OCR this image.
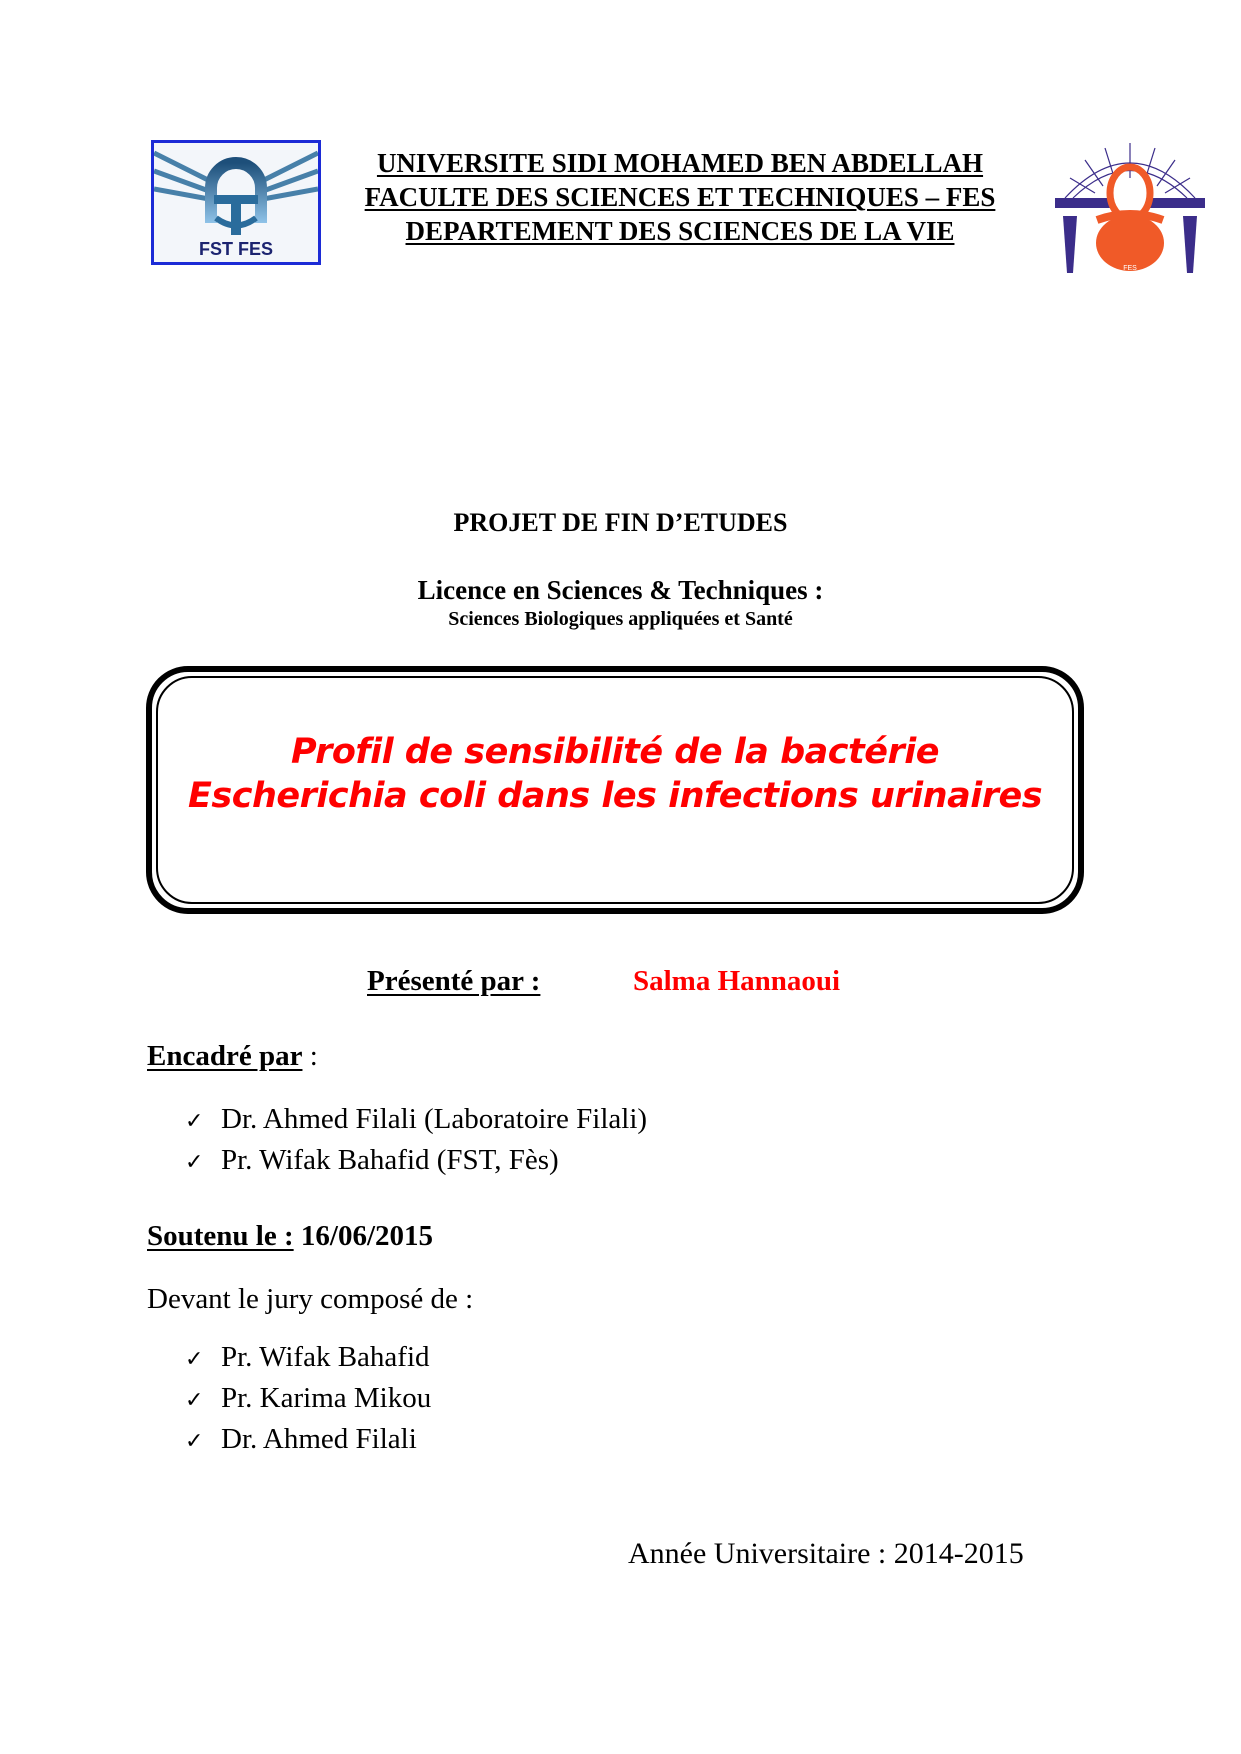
FST FES
UNIVERSITE SIDI MOHAMED BEN ABDELLAH
FACULTE DES SCIENCES ET TECHNIQUES – FES
DEPARTEMENT DES SCIENCES DE LA VIE
FES
PROJET DE FIN D’ETUDES
Licence en Sciences & Techniques :
Sciences Biologiques appliquées et Santé
Profil de sensibilité de la bactérie
Escherichia coli dans les infections urinaires
Présenté par :	Salma Hannaoui
Encadré par :
✓ Dr. Ahmed Filali (Laboratoire Filali)
✓ Pr. Wifak Bahafid (FST, Fès)
Soutenu le : 16/06/2015
Devant le jury composé de :
✓ Pr. Wifak Bahafid
✓ Pr. Karima Mikou
✓ Dr. Ahmed Filali
Année Universitaire : 2014-2015
